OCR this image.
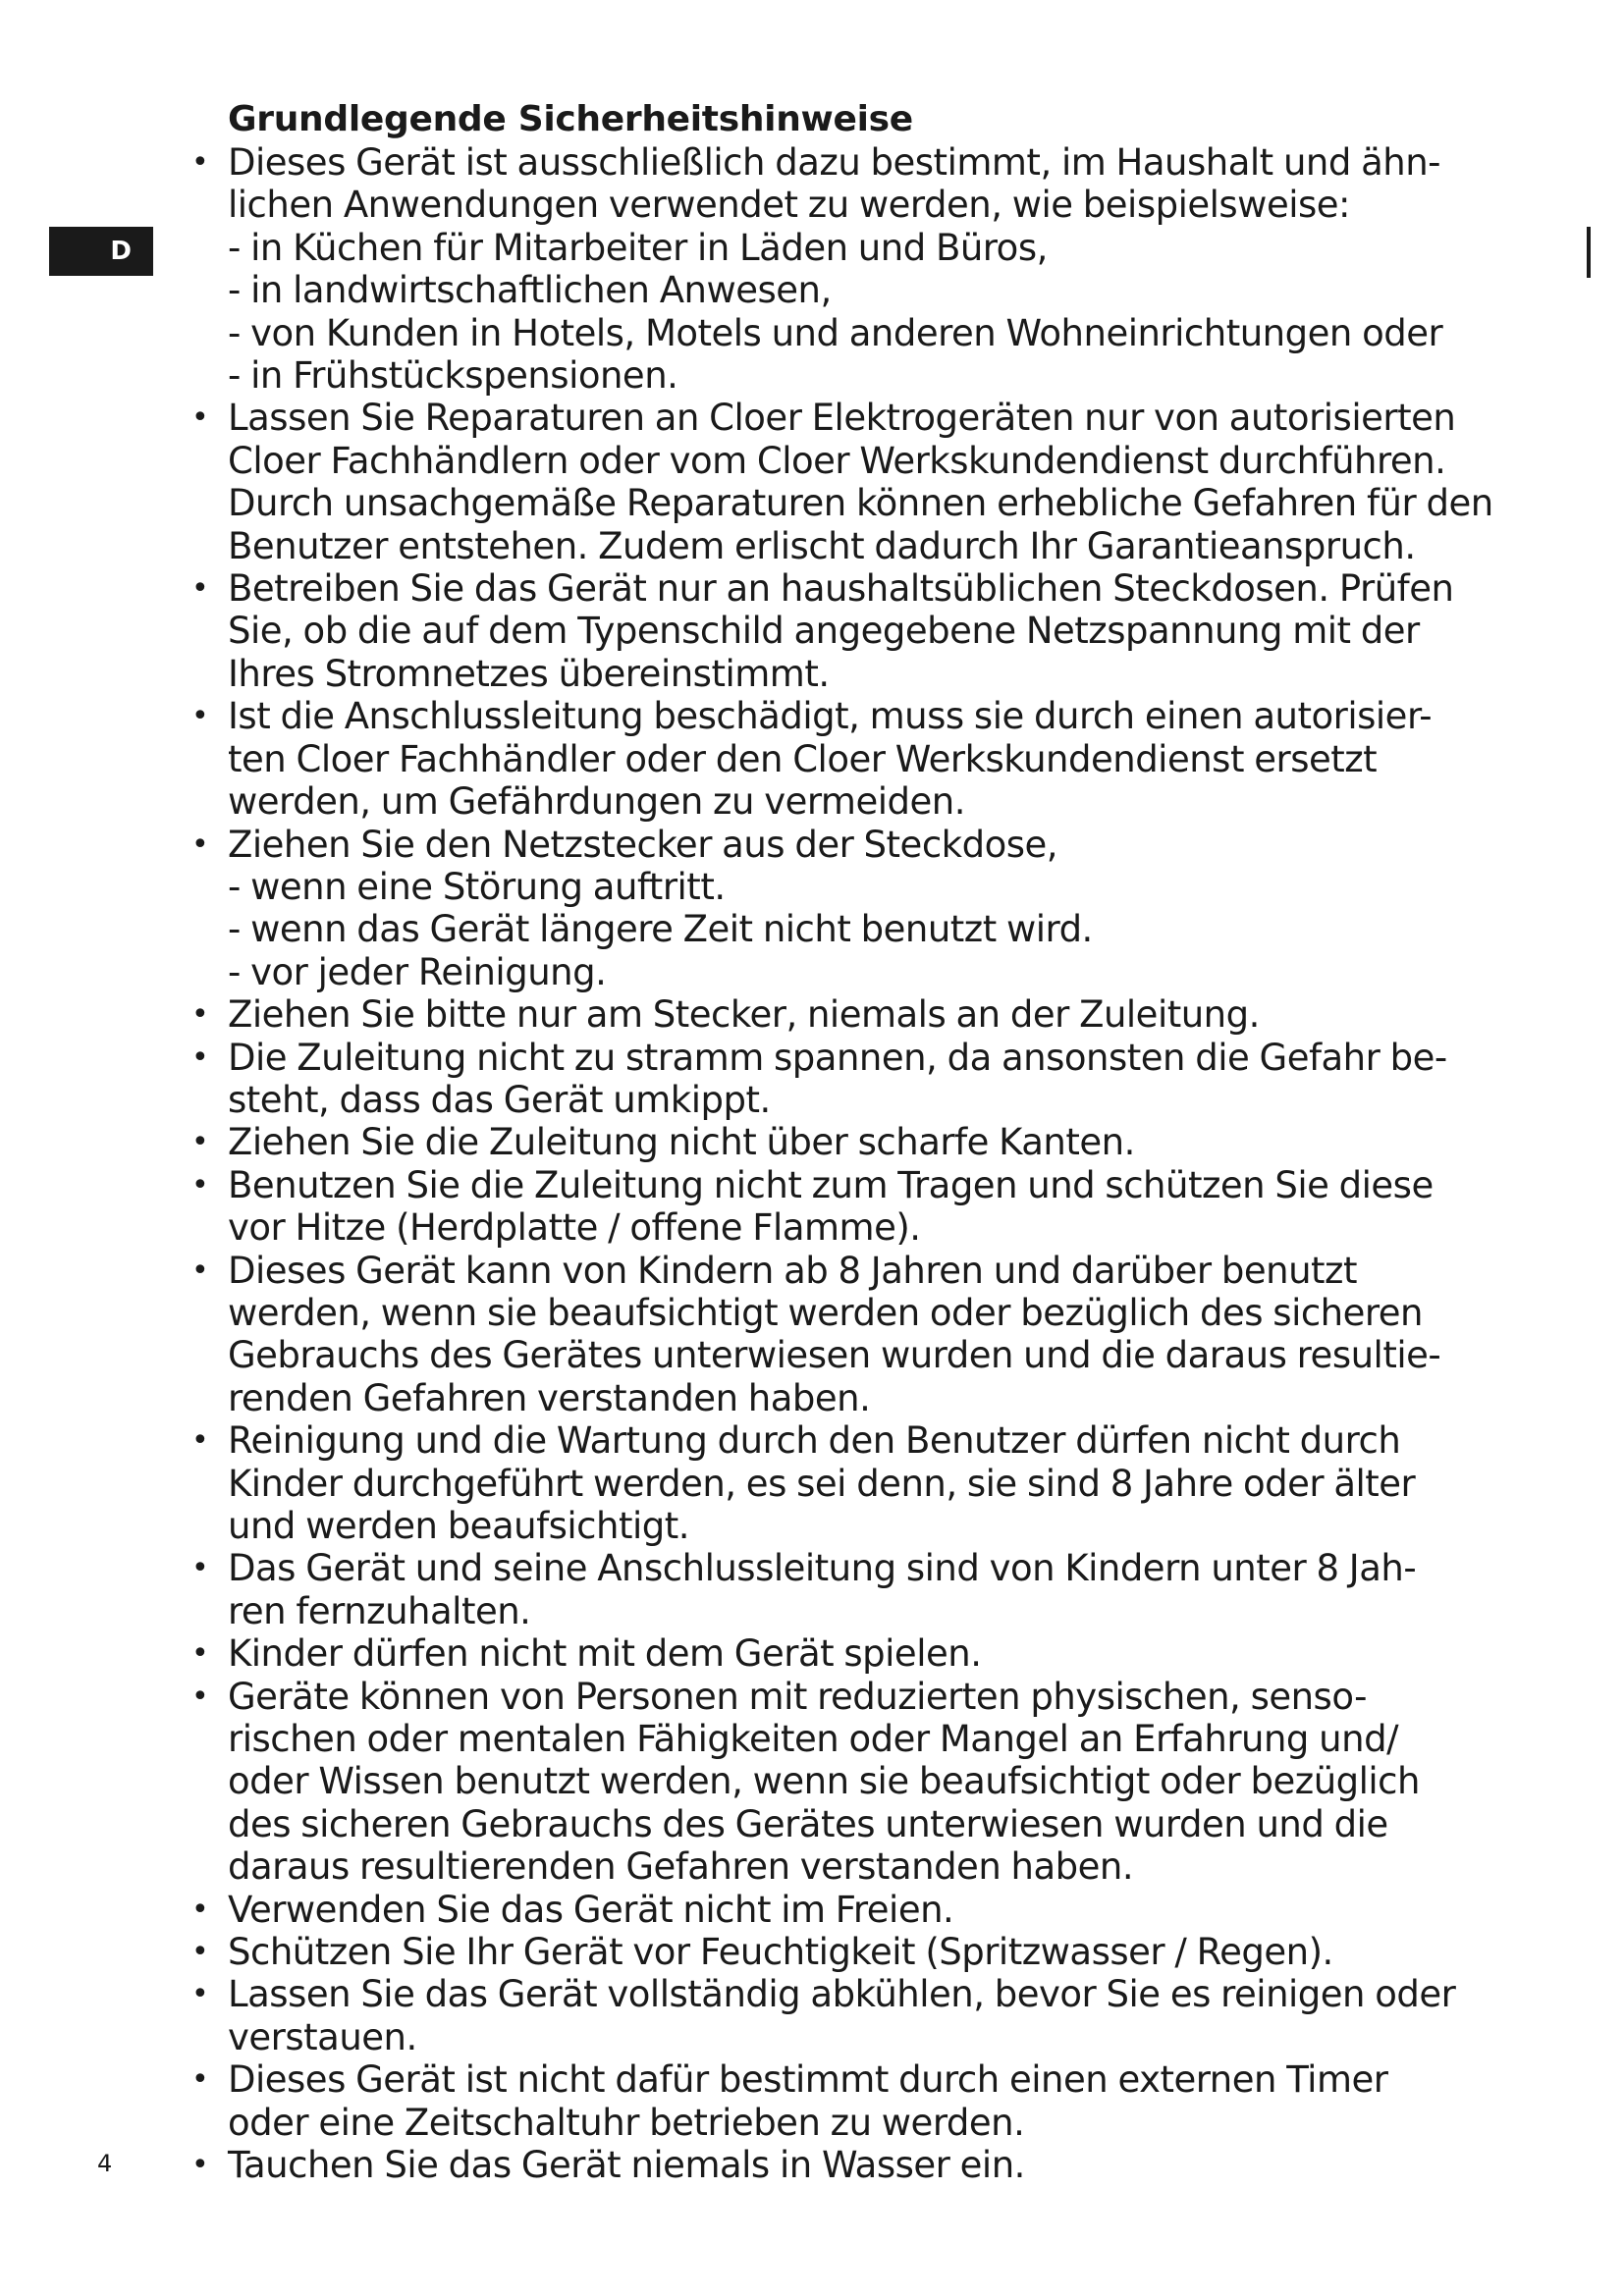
D
Grundlegende Sicherheitshinweise
• Dieses Gerät ist ausschließlich dazu bestimmt, im Haushalt und ähn-
lichen Anwendungen verwendet zu werden, wie beispielsweise:
- in Küchen für Mitarbeiter in Läden und Büros,
- in landwirtschaftlichen Anwesen,
- von Kunden in Hotels, Motels und anderen Wohneinrichtungen oder
- in Frühstückspensionen.
• Lassen Sie Reparaturen an Cloer Elektrogeräten nur von autorisierten
Cloer Fachhändlern oder vom Cloer Werkskundendienst durchführen.
Durch unsachgemäße Reparaturen können erhebliche Gefahren für den
Benutzer entstehen. Zudem erlischt dadurch Ihr Garantieanspruch.
• Betreiben Sie das Gerät nur an haushaltsüblichen Steckdosen. Prüfen
Sie, ob die auf dem Typenschild angegebene Netzspannung mit der
Ihres Stromnetzes übereinstimmt.
• Ist die Anschlussleitung beschädigt, muss sie durch einen autorisier-
ten Cloer Fachhändler oder den Cloer Werkskundendienst ersetzt
werden, um Gefährdungen zu vermeiden.
• Ziehen Sie den Netzstecker aus der Steckdose,
- wenn eine Störung auftritt.
- wenn das Gerät längere Zeit nicht benutzt wird.
- vor jeder Reinigung.
• Ziehen Sie bitte nur am Stecker, niemals an der Zuleitung.
• Die Zuleitung nicht zu stramm spannen, da ansonsten die Gefahr be-
steht, dass das Gerät umkippt.
• Ziehen Sie die Zuleitung nicht über scharfe Kanten.
• Benutzen Sie die Zuleitung nicht zum Tragen und schützen Sie diese
vor Hitze (Herdplatte / offene Flamme).
• Dieses Gerät kann von Kindern ab 8 Jahren und darüber benutzt
werden, wenn sie beaufsichtigt werden oder bezüglich des sicheren
Gebrauchs des Gerätes unterwiesen wurden und die daraus resultie-
renden Gefahren verstanden haben.
• Reinigung und die Wartung durch den Benutzer dürfen nicht durch
Kinder durchgeführt werden, es sei denn, sie sind 8 Jahre oder älter
und werden beaufsichtigt.
• Das Gerät und seine Anschlussleitung sind von Kindern unter 8 Jah-
ren fernzuhalten.
• Kinder dürfen nicht mit dem Gerät spielen.
• Geräte können von Personen mit reduzierten physischen, senso-
rischen oder mentalen Fähigkeiten oder Mangel an Erfahrung und/
oder Wissen benutzt werden, wenn sie beaufsichtigt oder bezüglich
des sicheren Gebrauchs des Gerätes unterwiesen wurden und die
daraus resultierenden Gefahren verstanden haben.
• Verwenden Sie das Gerät nicht im Freien.
• Schützen Sie Ihr Gerät vor Feuchtigkeit (Spritzwasser / Regen).
• Lassen Sie das Gerät vollständig abkühlen, bevor Sie es reinigen oder
verstauen.
• Dieses Gerät ist nicht dafür bestimmt durch einen externen Timer
oder eine Zeitschaltuhr betrieben zu werden.
• Tauchen Sie das Gerät niemals in Wasser ein.
4
